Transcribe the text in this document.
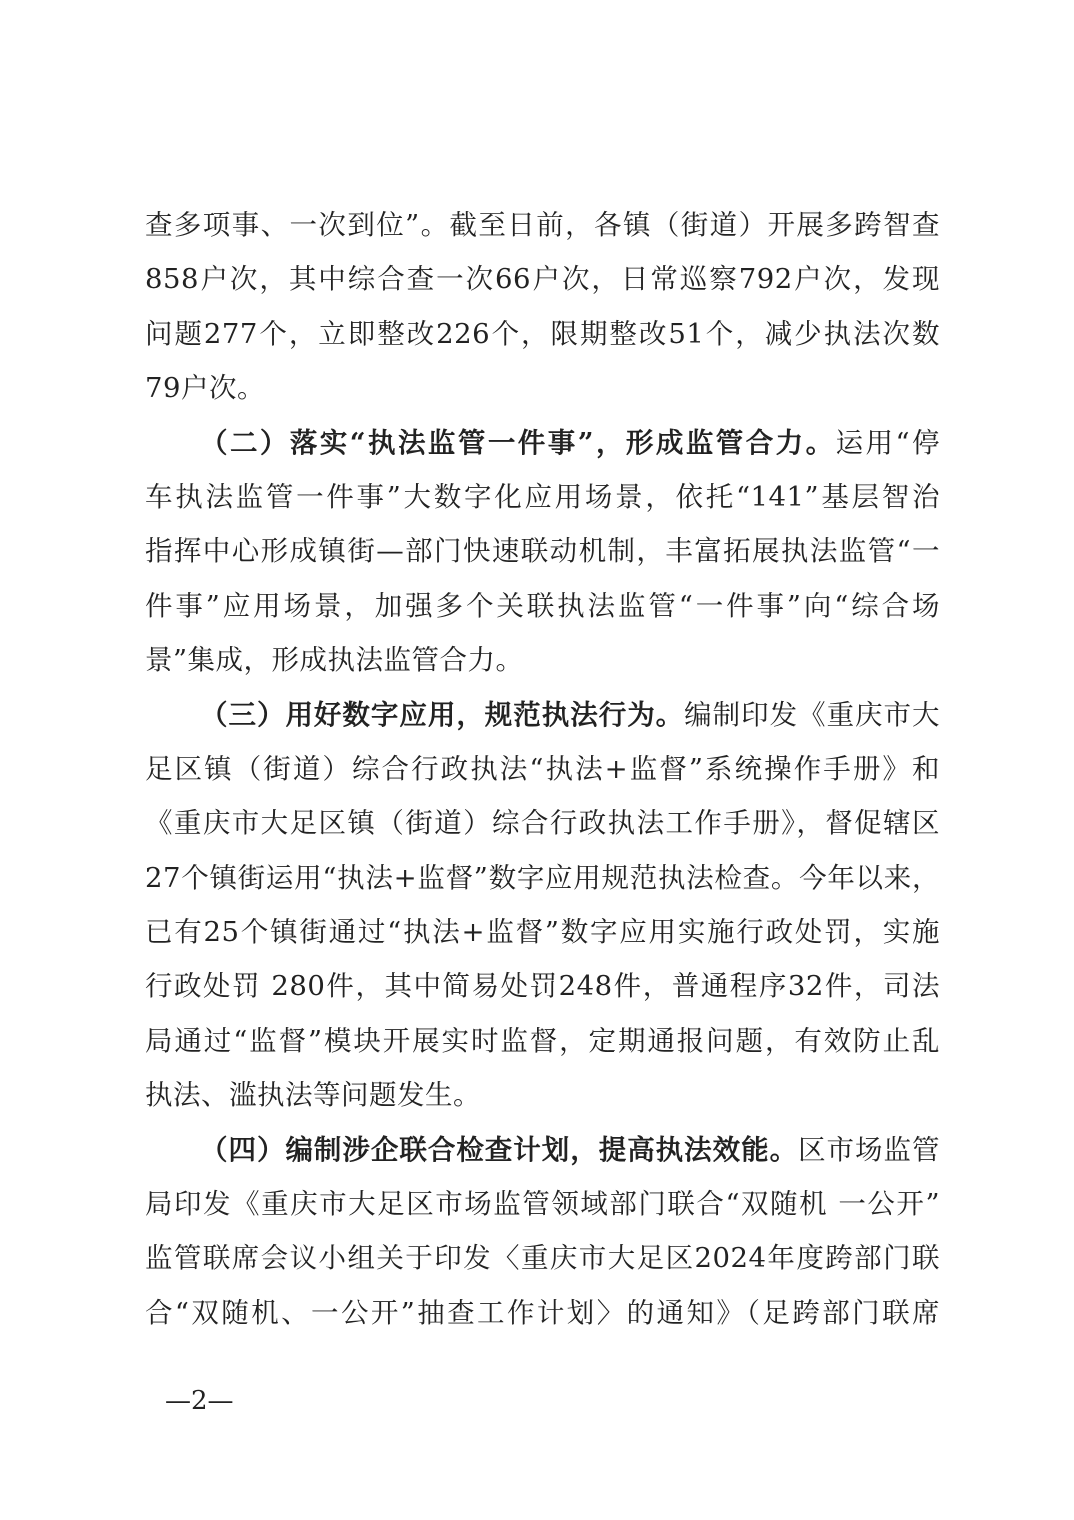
查多项事、一次到位”。截至日前，各镇（街道）开展多跨智查
858户次，其中综合查一次66户次，日常巡察792户次，发现
问题277个，立即整改226个，限期整改51个，减少执法次数
79户次。
（二）落实“执法监管一件事”，形成监管合力。运用“停
车执法监管一件事”大数字化应用场景，依托“141”基层智治
指挥中心形成镇街—部门快速联动机制，丰富拓展执法监管“一
件事”应用场景，加强多个关联执法监管“一件事”向“综合场
景”集成，形成执法监管合力。
（三）用好数字应用，规范执法行为。编制印发《重庆市大
足区镇（街道）综合行政执法“执法+监督”系统操作手册》和
《重庆市大足区镇（街道）综合行政执法工作手册》，督促辖区
27个镇街运用“执法+监督”数字应用规范执法检查。今年以来，
已有25个镇街通过“执法+监督”数字应用实施行政处罚，实施
行政处罚 280件，其中简易处罚248件，普通程序32件，司法
局通过“监督”模块开展实时监督，定期通报问题，有效防止乱
执法、滥执法等问题发生。
（四）编制涉企联合检查计划，提高执法效能。区市场监管
局印发《重庆市大足区市场监管领域部门联合“双随机 一公开”
监管联席会议小组关于印发〈重庆市大足区2024年度跨部门联
合“双随机、一公开”抽查工作计划〉的通知》（足跨部门联席
—2—
